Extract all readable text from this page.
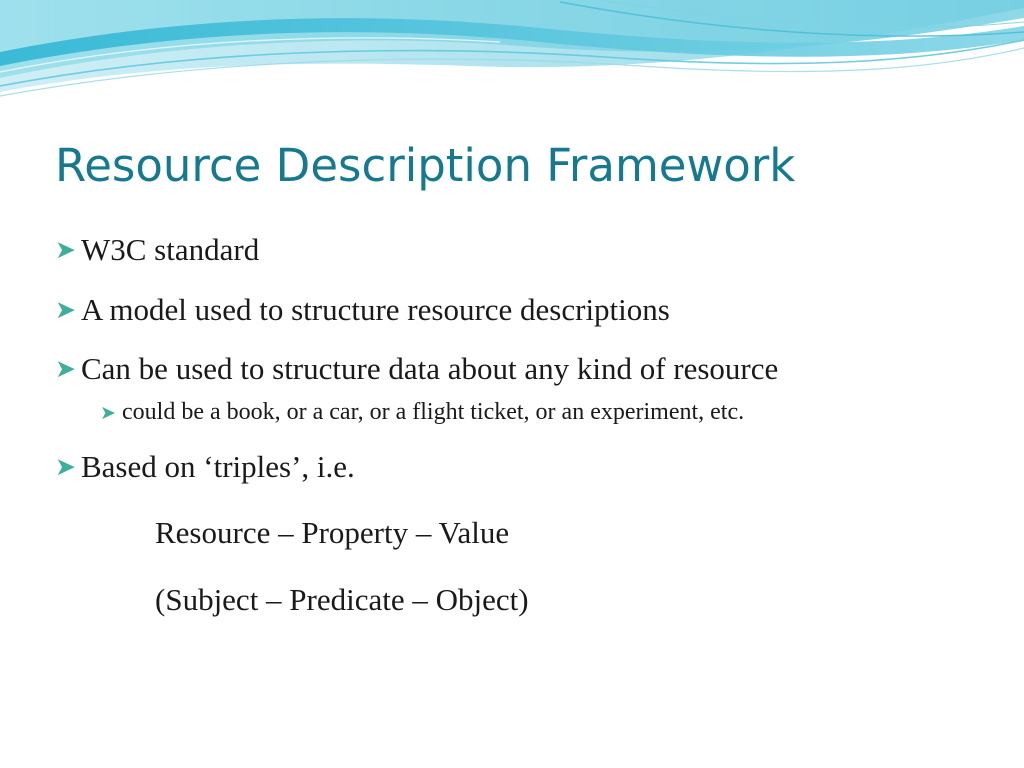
Resource Description Framework
➤ W3C standard
➤ A model used to structure resource descriptions
➤ Can be used to structure data about any kind of resource
➤ could be a book, or a car, or a flight ticket, or an experiment, etc.
➤ Based on ‘triples’, i.e.
Resource – Property – Value
(Subject – Predicate – Object)
